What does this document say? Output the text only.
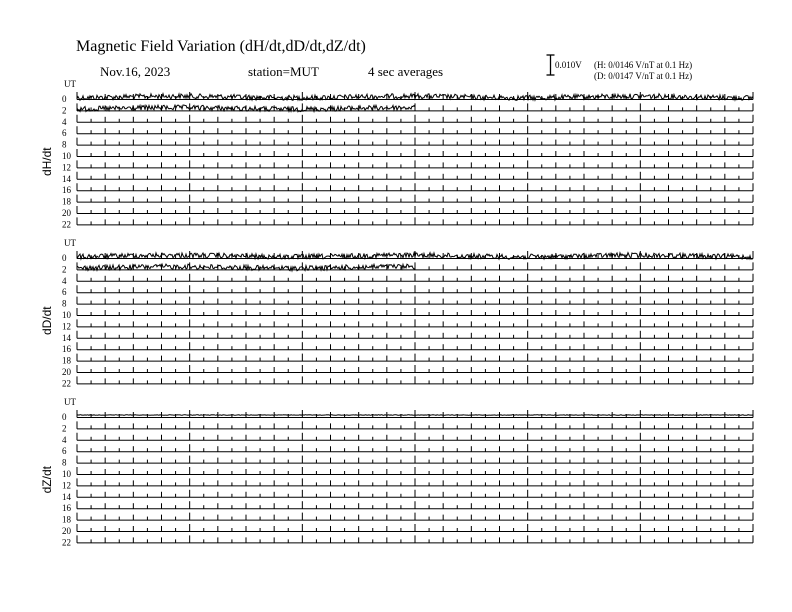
Magnetic Field Variation (dH/dt,dD/dt,dZ/dt)
Nov.16, 2023	station=MUT	4 sec averages	0.010V (H: 0/0146 V/nT at 0.1 Hz)
(D: 0/0147 V/nT at 0.1 Hz)
UT
dH/dt
0
2
4
6
8
10
12
14
16
18
20
22
UT
dD/dt
0
2
4
6
8
10
12
14
16
18
20
22
UT
dZ/dt
0
2
4
6
8
10
12
14
16
18
20
22
